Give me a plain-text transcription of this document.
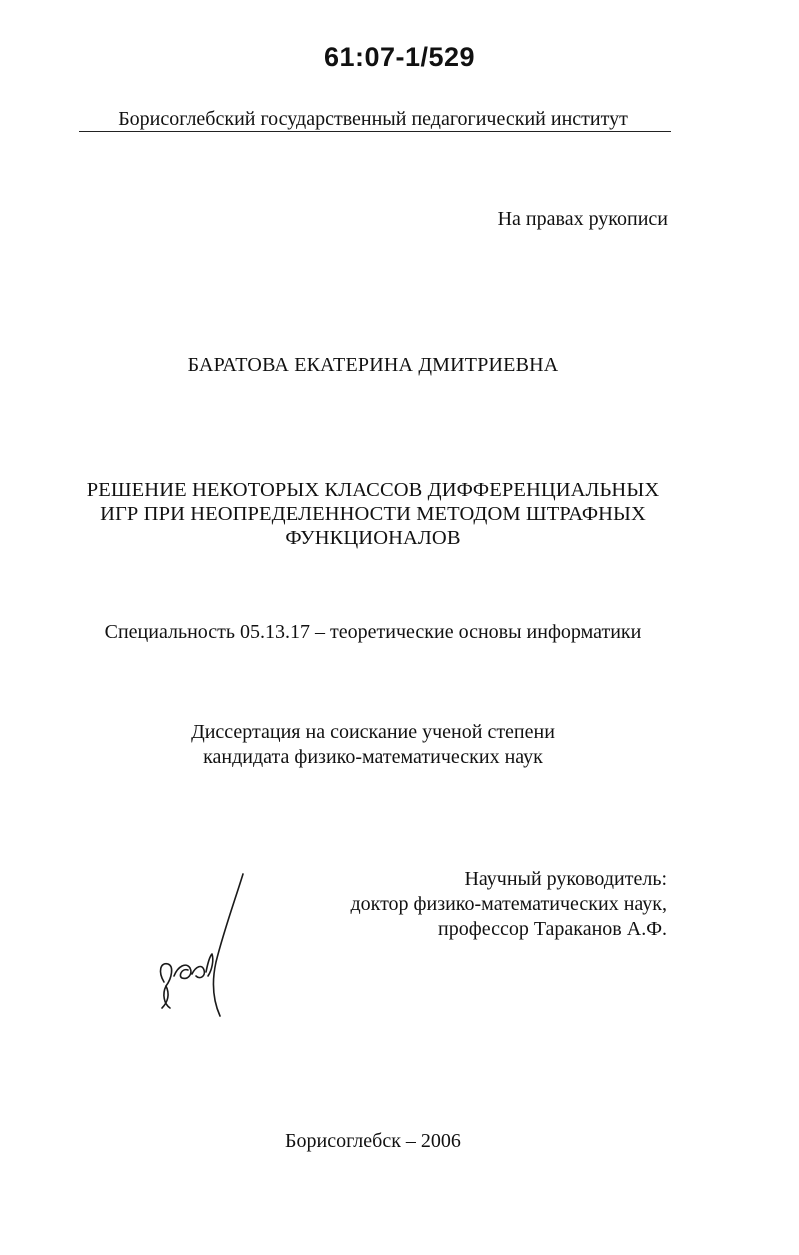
61:07-1/529
Борисоглебский государственный педагогический институт
На правах рукописи
БАРАТОВА ЕКАТЕРИНА ДМИТРИЕВНА
РЕШЕНИЕ НЕКОТОРЫХ КЛАССОВ ДИФФЕРЕНЦИАЛЬНЫХ
ИГР ПРИ НЕОПРЕДЕЛЕННОСТИ МЕТОДОМ ШТРАФНЫХ
ФУНКЦИОНАЛОВ
Специальность 05.13.17 – теоретические основы информатики
Диссертация на соискание ученой степени
кандидата физико-математических наук
Научный руководитель:
доктор физико-математических наук,
профессор Тараканов А.Ф.
Борисоглебск – 2006
